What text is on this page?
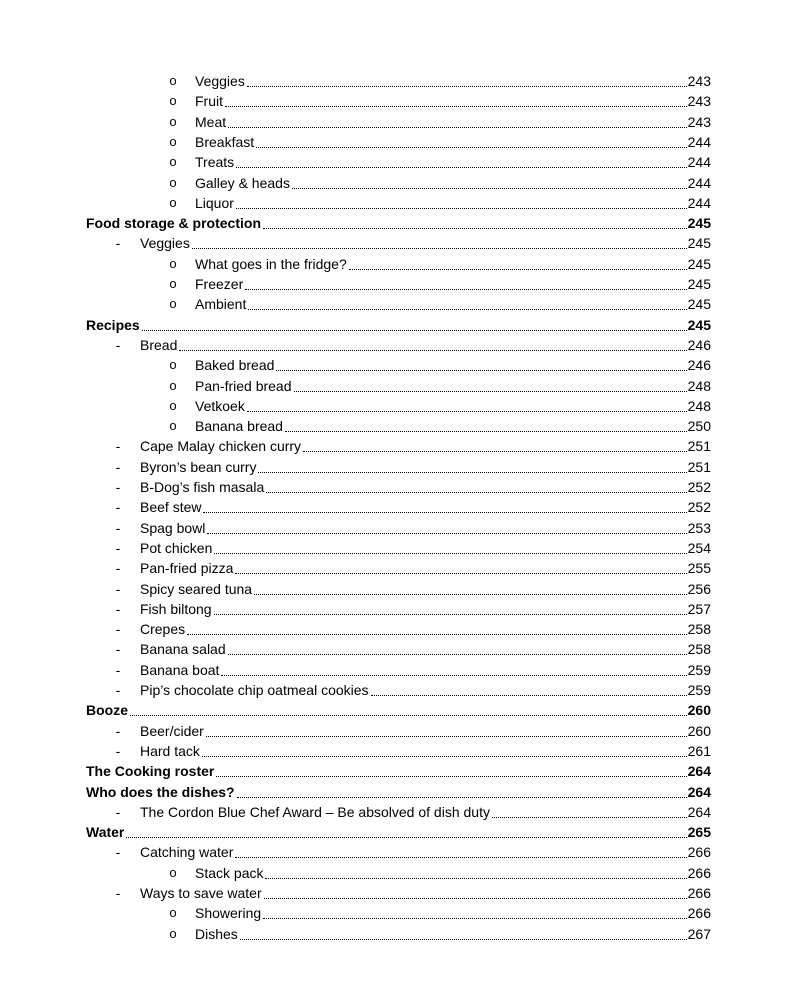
o Veggies	243
o Fruit	243
o Meat	243
o Breakfast	244
o Treats	244
o Galley & heads	244
o Liquor	244
Food storage & protection	245
-	Veggies	245
o What goes in the fridge?	245
o Freezer	245
o Ambient	245
Recipes	245
-	Bread	246
o Baked bread	246
o Pan-fried bread	248
o Vetkoek	248
o Banana bread	250
-	Cape Malay chicken curry	251
-	Byron’s bean curry	251
-	B-Dog’s fish masala	252
-	Beef stew	252
-	Spag bowl	253
-	Pot chicken	254
-	Pan-fried pizza	255
-	Spicy seared tuna	256
-	Fish biltong	257
-	Crepes	258
-	Banana salad	258
-	Banana boat	259
-	Pip’s chocolate chip oatmeal cookies	259
Booze	260
-	Beer/cider	260
-	Hard tack	261
The Cooking roster	264
Who does the dishes?	264
-	The Cordon Blue Chef Award – Be absolved of dish duty	264
Water	265
-	Catching water	266
o Stack pack	266
-	Ways to save water	266
o Showering	266
o Dishes	267
